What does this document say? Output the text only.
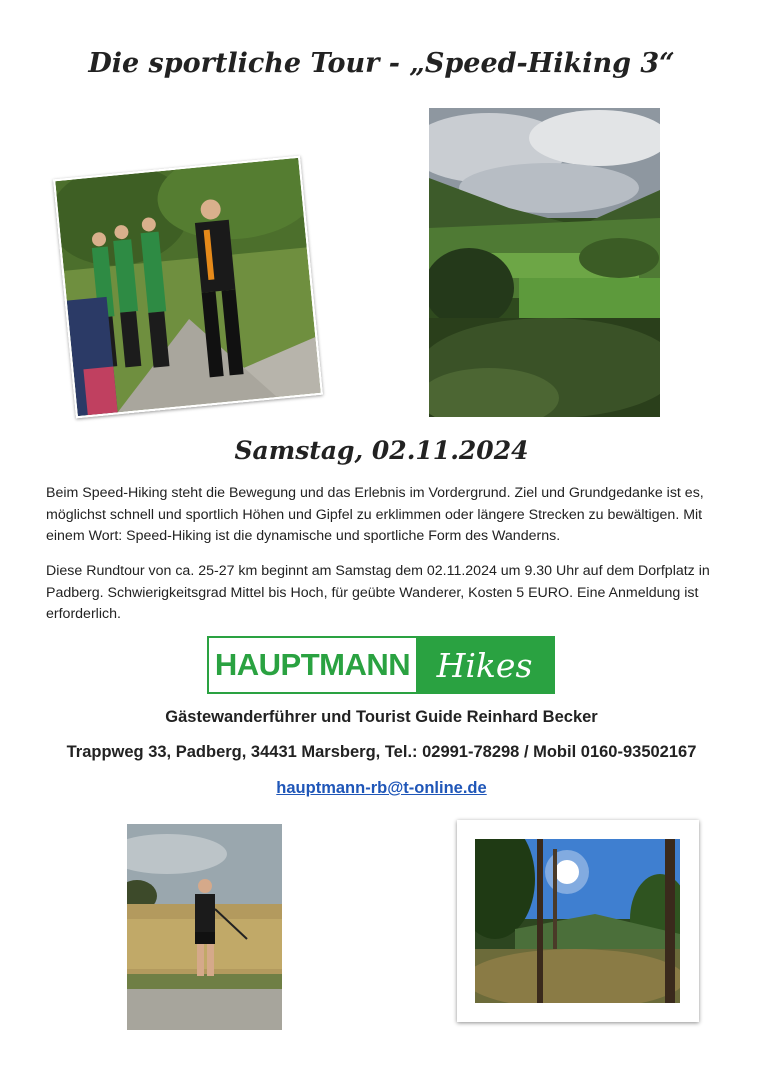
Die sportliche Tour - „Speed-Hiking 3“
Samstag, 02.11.2024
Beim Speed-Hiking steht die Bewegung und das Erlebnis im Vordergrund. Ziel und Grundgedanke ist es, möglichst schnell und sportlich Höhen und Gipfel zu erklimmen oder längere Strecken zu bewältigen. Mit einem Wort: Speed-Hiking ist die dynamische und sportliche Form des Wanderns.
Diese Rundtour von ca. 25-27 km beginnt am Samstag dem 02.11.2024 um 9.30 Uhr auf dem Dorfplatz in Padberg. Schwierigkeitsgrad Mittel bis Hoch, für geübte Wanderer, Kosten 5 EURO. Eine Anmeldung ist erforderlich.
HAUPTMANN Hikes
Gästewanderführer und Tourist Guide Reinhard Becker
Trappweg 33, Padberg, 34431 Marsberg, Tel.: 02991-78298 / Mobil 0160-93502167
hauptmann-rb@t-online.de
